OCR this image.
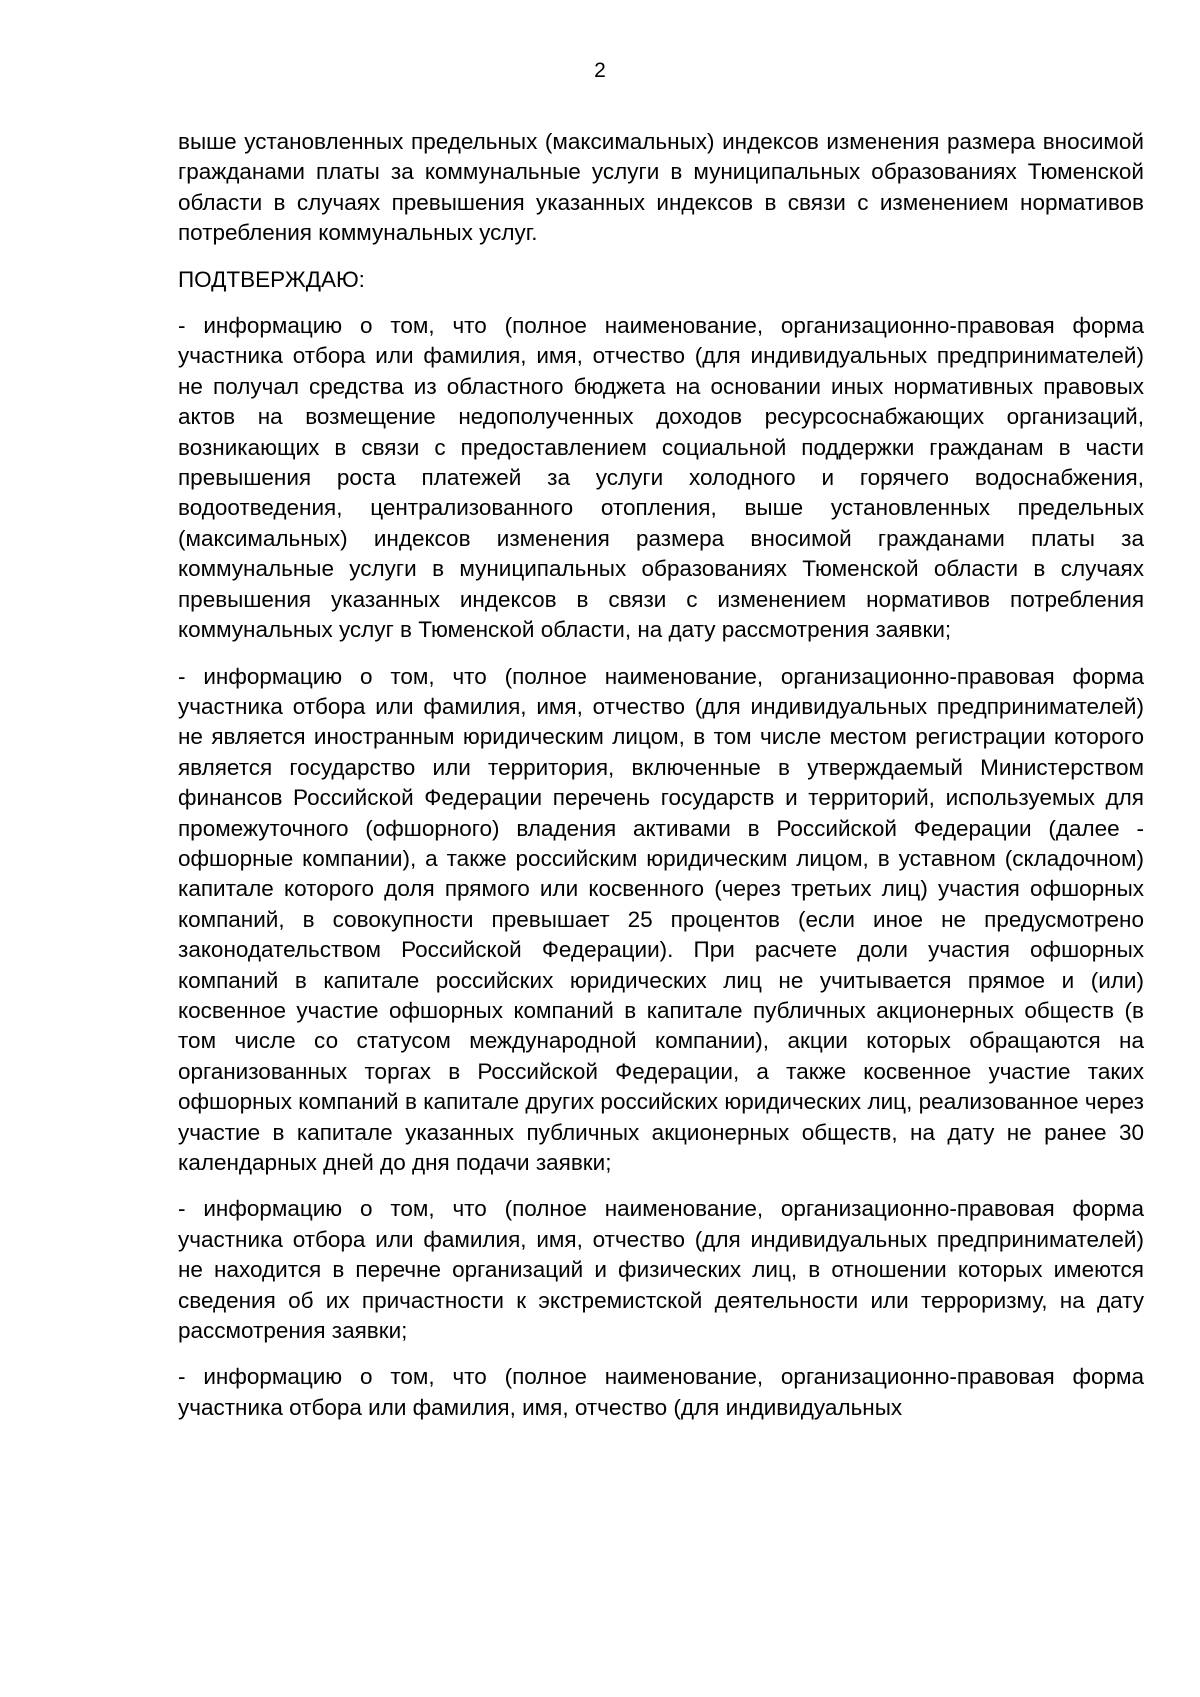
2

выше установленных предельных (максимальных) индексов изменения размера вносимой гражданами платы за коммунальные услуги в муниципальных образованиях Тюменской области в случаях превышения указанных индексов в связи с изменением нормативов потребления коммунальных услуг.

ПОДТВЕРЖДАЮ:

- информацию о том, что (полное наименование, организационно-правовая форма участника отбора или фамилия, имя, отчество (для индивидуальных предпринимателей) не получал средства из областного бюджета на основании иных нормативных правовых актов на возмещение недополученных доходов ресурсоснабжающих организаций, возникающих в связи с предоставлением социальной поддержки гражданам в части превышения роста платежей за услуги холодного и горячего водоснабжения, водоотведения, централизованного отопления, выше установленных предельных (максимальных) индексов изменения размера вносимой гражданами платы за коммунальные услуги в муниципальных образованиях Тюменской области в случаях превышения указанных индексов в связи с изменением нормативов потребления коммунальных услуг в Тюменской области, на дату рассмотрения заявки;

- информацию о том, что (полное наименование, организационно-правовая форма участника отбора или фамилия, имя, отчество (для индивидуальных предпринимателей) не является иностранным юридическим лицом, в том числе местом регистрации которого является государство или территория, включенные в утверждаемый Министерством финансов Российской Федерации перечень государств и территорий, используемых для промежуточного (офшорного) владения активами в Российской Федерации (далее - офшорные компании), а также российским юридическим лицом, в уставном (складочном) капитале которого доля прямого или косвенного (через третьих лиц) участия офшорных компаний, в совокупности превышает 25 процентов (если иное не предусмотрено законодательством Российской Федерации). При расчете доли участия офшорных компаний в капитале российских юридических лиц не учитывается прямое и (или) косвенное участие офшорных компаний в капитале публичных акционерных обществ (в том числе со статусом международной компании), акции которых обращаются на организованных торгах в Российской Федерации, а также косвенное участие таких офшорных компаний в капитале других российских юридических лиц, реализованное через участие в капитале указанных публичных акционерных обществ, на дату не ранее 30 календарных дней до дня подачи заявки;

- информацию о том, что (полное наименование, организационно-правовая форма участника отбора или фамилия, имя, отчество (для индивидуальных предпринимателей) не находится в перечне организаций и физических лиц, в отношении которых имеются сведения об их причастности к экстремистской деятельности или терроризму, на дату рассмотрения заявки;

- информацию о том, что (полное наименование, организационно-правовая форма участника отбора или фамилия, имя, отчество (для индивидуальных
